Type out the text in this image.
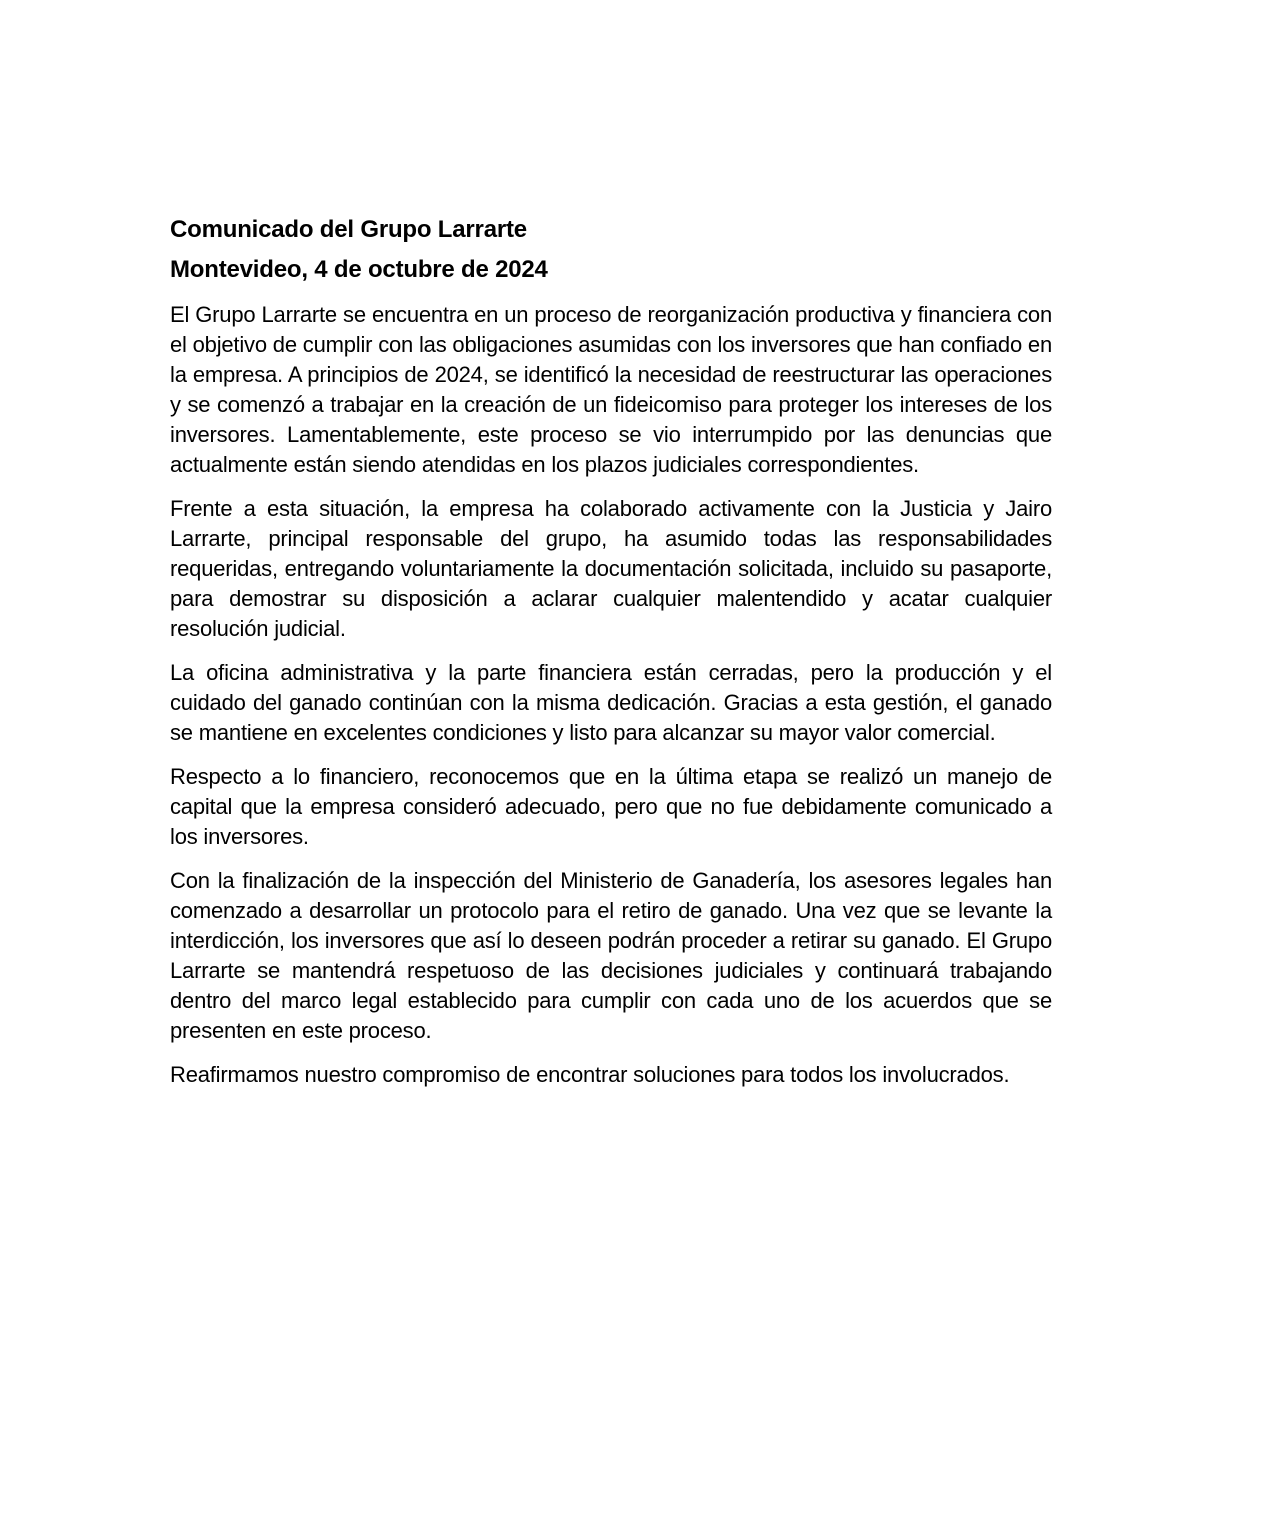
Comunicado del Grupo Larrarte
Montevideo, 4 de octubre de 2024

El Grupo Larrarte se encuentra en un proceso de reorganización productiva y financiera con el objetivo de cumplir con las obligaciones asumidas con los inversores que han confiado en la empresa. A principios de 2024, se identificó la necesidad de reestructurar las operaciones y se comenzó a trabajar en la creación de un fideicomiso para proteger los intereses de los inversores. Lamentablemente, este proceso se vio interrumpido por las denuncias que actualmente están siendo atendidas en los plazos judiciales correspondientes.

Frente a esta situación, la empresa ha colaborado activamente con la Justicia y Jairo Larrarte, principal responsable del grupo, ha asumido todas las responsabilidades requeridas, entregando voluntariamente la documentación solicitada, incluido su pasaporte, para demostrar su disposición a aclarar cualquier malentendido y acatar cualquier resolución judicial.

La oficina administrativa y la parte financiera están cerradas, pero la producción y el cuidado del ganado continúan con la misma dedicación. Gracias a esta gestión, el ganado se mantiene en excelentes condiciones y listo para alcanzar su mayor valor comercial.

Respecto a lo financiero, reconocemos que en la última etapa se realizó un manejo de capital que la empresa consideró adecuado, pero que no fue debidamente comunicado a los inversores.

Con la finalización de la inspección del Ministerio de Ganadería, los asesores legales han comenzado a desarrollar un protocolo para el retiro de ganado. Una vez que se levante la interdicción, los inversores que así lo deseen podrán proceder a retirar su ganado. El Grupo Larrarte se mantendrá respetuoso de las decisiones judiciales y continuará trabajando dentro del marco legal establecido para cumplir con cada uno de los acuerdos que se presenten en este proceso.

Reafirmamos nuestro compromiso de encontrar soluciones para todos los involucrados.
